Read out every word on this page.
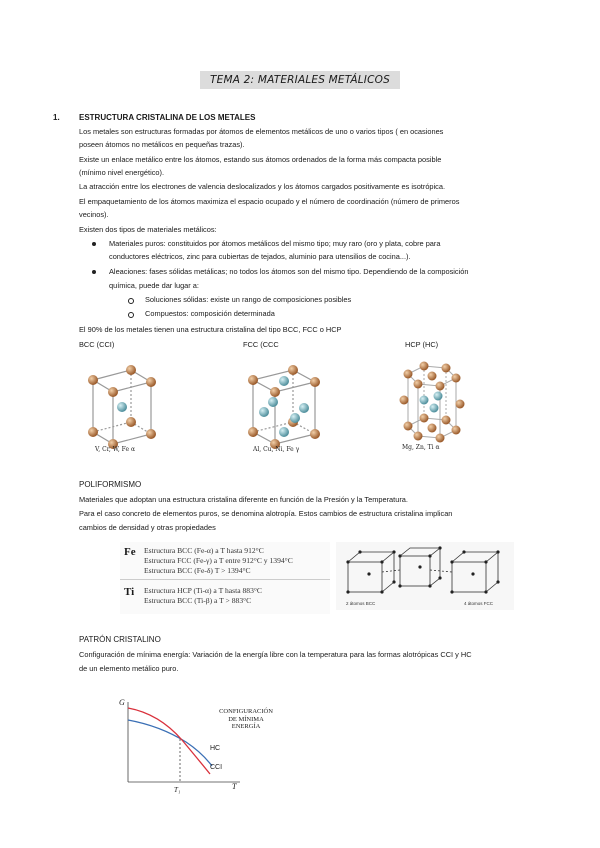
TEMA 2: MATERIALES METÁLICOS
1. ESTRUCTURA CRISTALINA DE LOS METALES
Los metales son estructuras formadas por átomos de elementos metálicos de uno o varios tipos ( en ocasiones
poseen átomos no metálicos en pequeñas trazas).
Existe un enlace metálico entre los átomos, estando sus átomos ordenados de la forma más compacta posible
(mínimo nivel energético).
La atracción entre los electrones de valencia deslocalizados y los átomos cargados positivamente es isotrópica.
El empaquetamiento de los átomos maximiza el espacio ocupado y el número de coordinación (número de primeros
vecinos).
Existen dos tipos de materiales metálicos:
Materiales puros: constituidos por átomos metálicos del mismo tipo; muy raro (oro y plata, cobre para
conductores eléctricos, zinc para cubiertas de tejados, aluminio para utensilios de cocina...).
Aleaciones: fases sólidas metálicas; no todos los átomos son del mismo tipo. Dependiendo de la composición
química, puede dar lugar a:
Soluciones sólidas: existe un rango de composiciones posibles
Compuestos: composición determinada
El 90% de los metales tienen una estructura cristalina del tipo BCC, FCC o HCP
BCC (CCI)	FCC (CCC	HCP (HC)
V, Cr, W, Fe α	Al, Cu, Ni, Fe γ	Mg, Zn, Ti α
POLIFORMISMO
Materiales que adoptan una estructura cristalina diferente en función de la Presión y la Temperatura.
Para el caso concreto de elementos puros, se denomina alotropía. Estos cambios de estructura cristalina implican
cambios de densidad y otras propiedades
Fe Estructura BCC (Fe-α) a T hasta 912°C
Estructura FCC (Fe-γ) a T entre 912°C y 1394°C
Estructura BCC (Fe-δ) T > 1394°C
Ti Estructura HCP (Ti-α) a T hasta 883°C
Estructura BCC (Ti-β) a T > 883°C	2 átomos BCC	4 átomos FCC
PATRÓN CRISTALINO
Configuración de mínima energía: Variación de la energía libre con la temperatura para las formas alotrópicas CCI y HC
de un elemento metálico puro.
G
T
T₁
CONFIGURACIÓN
DE MÍNIMA
ENERGÍA
HC
CCI
